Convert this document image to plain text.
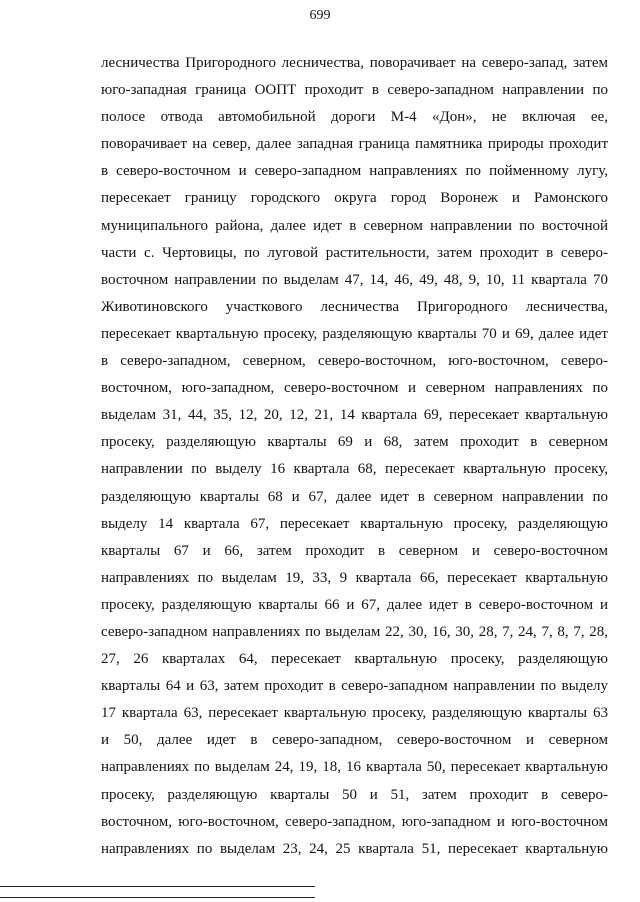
699
лесничества Пригородного лесничества, поворачивает на северо-запад, затем
юго-западная граница ООПТ проходит в северо-западном направлении по
полосе отвода автомобильной дороги М-4 «Дон», не включая ее,
поворачивает на север, далее западная граница памятника природы проходит
в северо-восточном и северо-западном направлениях по пойменному лугу,
пересекает границу городского округа город Воронеж и Рамонского
муниципального района, далее идет в северном направлении по восточной
части с. Чертовицы, по луговой растительности, затем проходит в северо-
восточном направлении по выделам 47, 14, 46, 49, 48, 9, 10, 11 квартала 70
Животиновского участкового лесничества Пригородного лесничества,
пересекает квартальную просеку, разделяющую кварталы 70 и 69, далее идет
в северо-западном, северном, северо-восточном, юго-восточном, северо-
восточном, юго-западном, северо-восточном и северном направлениях по
выделам 31, 44, 35, 12, 20, 12, 21, 14 квартала 69, пересекает квартальную
просеку, разделяющую кварталы 69 и 68, затем проходит в северном
направлении по выделу 16 квартала 68, пересекает квартальную просеку,
разделяющую кварталы 68 и 67, далее идет в северном направлении по
выделу 14 квартала 67, пересекает квартальную просеку, разделяющую
кварталы 67 и 66, затем проходит в северном и северо-восточном
направлениях по выделам 19, 33, 9 квартала 66, пересекает квартальную
просеку, разделяющую кварталы 66 и 67, далее идет в северо-восточном и
северо-западном направлениях по выделам 22, 30, 16, 30, 28, 7, 24, 7, 8, 7, 28,
27, 26 кварталах 64, пересекает квартальную просеку, разделяющую
кварталы 64 и 63, затем проходит в северо-западном направлении по выделу
17 квартала 63, пересекает квартальную просеку, разделяющую кварталы 63
и 50, далее идет в северо-западном, северо-восточном и северном
направлениях по выделам 24, 19, 18, 16 квартала 50, пересекает квартальную
просеку, разделяющую кварталы 50 и 51, затем проходит в северо-
восточном, юго-восточном, северо-западном, юго-западном и юго-восточном
направлениях по выделам 23, 24, 25 квартала 51, пересекает квартальную
